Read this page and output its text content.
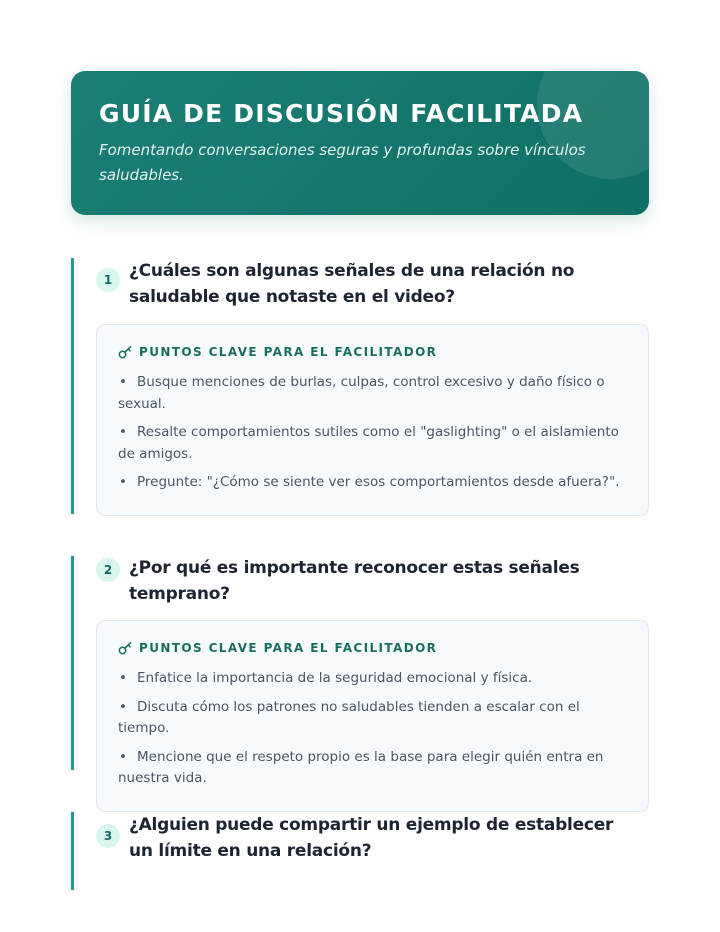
GUÍA DE DISCUSIÓN FACILITADA

Fomentando conversaciones seguras y profundas sobre vínculos saludables.

1 ¿Cuáles son algunas señales de una relación no saludable que notaste en el video?
PUNTOS CLAVE PARA EL FACILITADOR
• Busque menciones de burlas, culpas, control excesivo y daño físico o sexual.
• Resalte comportamientos sutiles como el "gaslighting" o el aislamiento de amigos.
• Pregunte: "¿Cómo se siente ver esos comportamientos desde afuera?".
2 ¿Por qué es importante reconocer estas señales temprano?
PUNTOS CLAVE PARA EL FACILITADOR
• Enfatice la importancia de la seguridad emocional y física.
• Discuta cómo los patrones no saludables tienden a escalar con el tiempo.
• Mencione que el respeto propio es la base para elegir quién entra en nuestra vida.
3
¿Alguien puede compartir un ejemplo de establecer un límite en una relación?
